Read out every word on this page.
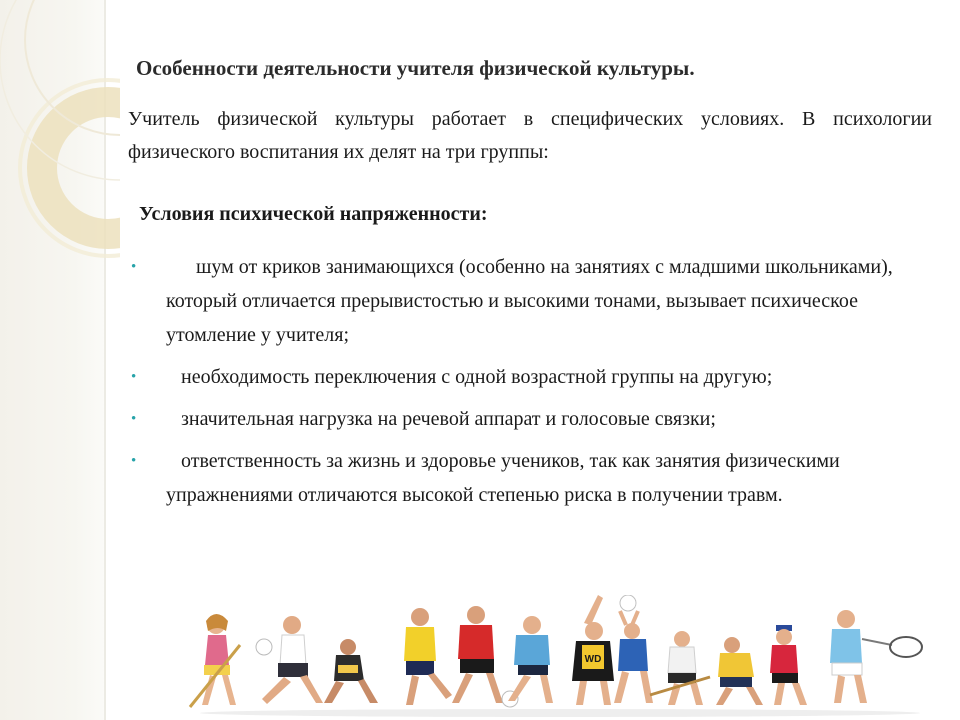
Особенности деятельности учителя физической культуры.

Учитель физической культуры работает в специфических условиях. В психологии физического воспитания их делят на три группы:

Условия психической напряженности:
• шум от криков занимающихся (особенно на занятиях с младшими школьниками), который отличается прерывистостью и высокими тонами, вызывает психическое утомление у учителя;
• необходимость переключения с одной возрастной группы на другую;
• значительная нагрузка на речевой аппарат и голосовые связки;
• ответственность за жизнь и здоровье учеников, так как занятия физическими упражнениями отличаются высокой степенью риска в получении травм.
WD
